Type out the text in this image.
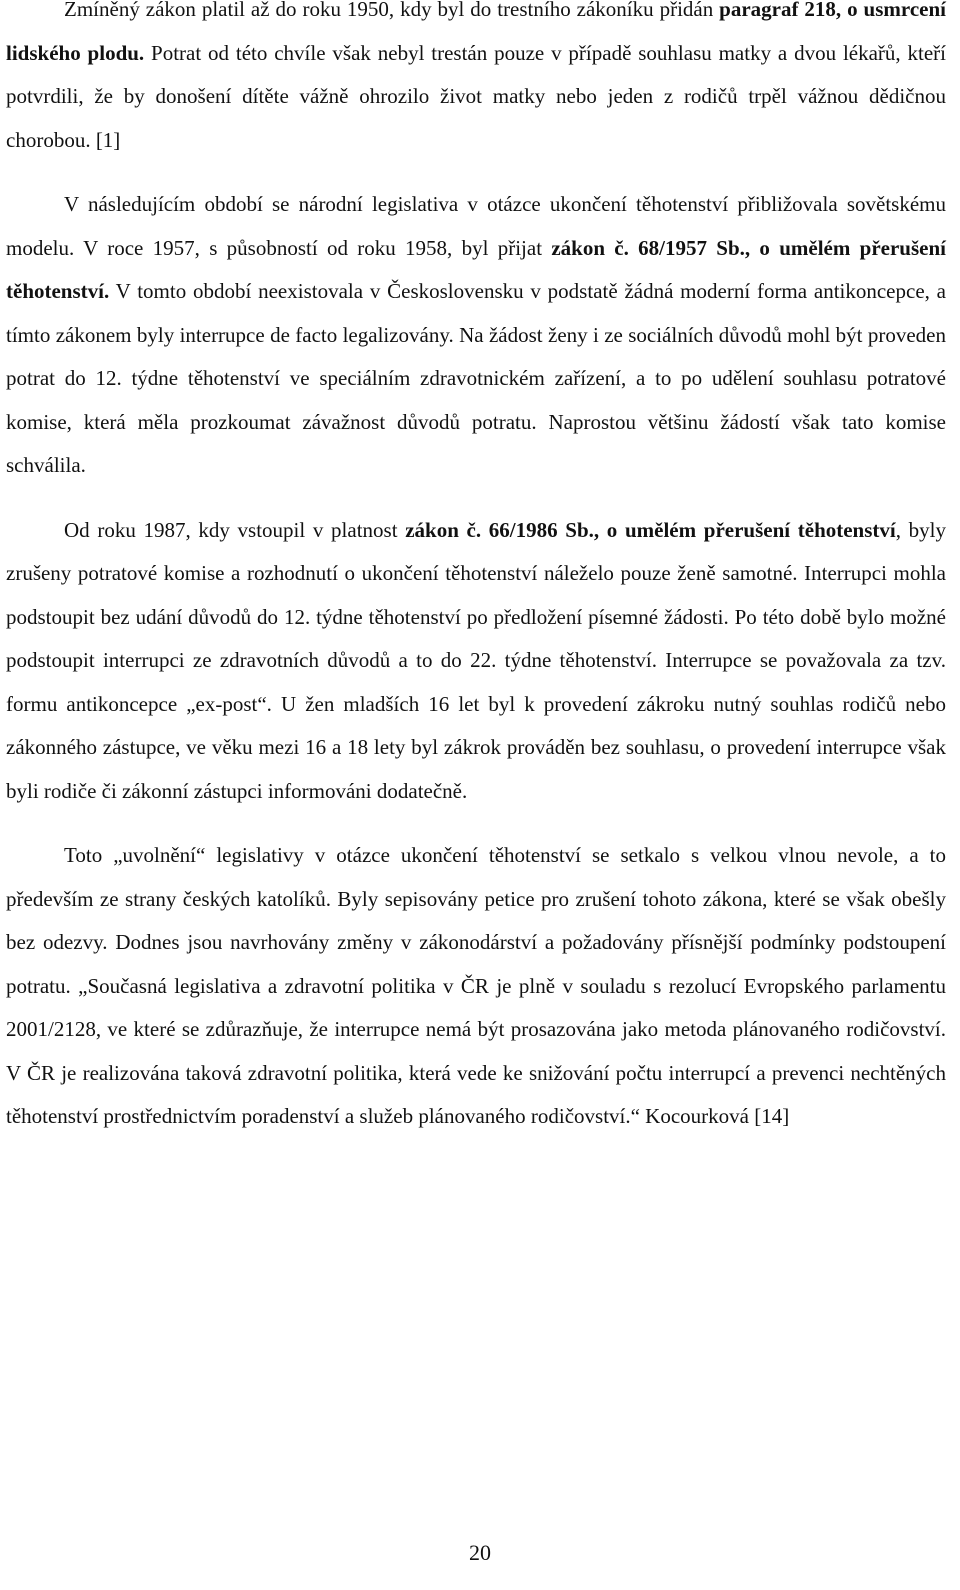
Zmíněný zákon platil až do roku 1950, kdy byl do trestního zákoníku přidán paragraf 218, o usmrcení lidského plodu. Potrat od této chvíle však nebyl trestán pouze v případě souhlasu matky a dvou lékařů, kteří potvrdili, že by donošení dítěte vážně ohrozilo život matky nebo jeden z rodičů trpěl vážnou dědičnou chorobou. [1]

V následujícím období se národní legislativa v otázce ukončení těhotenství přibližovala sovětskému modelu. V roce 1957, s působností od roku 1958, byl přijat zákon č. 68/1957 Sb., o umělém přerušení těhotenství. V tomto období neexistovala v Československu v podstatě žádná moderní forma antikoncepce, a tímto zákonem byly interrupce de facto legalizovány. Na žádost ženy i ze sociálních důvodů mohl být proveden potrat do 12. týdne těhotenství ve speciálním zdravotnickém zařízení, a to po udělení souhlasu potratové komise, která měla prozkoumat závažnost důvodů potratu. Naprostou většinu žádostí však tato komise schválila.

Od roku 1987, kdy vstoupil v platnost zákon č. 66/1986 Sb., o umělém přerušení těhotenství, byly zrušeny potratové komise a rozhodnutí o ukončení těhotenství náleželo pouze ženě samotné. Interrupci mohla podstoupit bez udání důvodů do 12. týdne těhotenství po předložení písemné žádosti. Po této době bylo možné podstoupit interrupci ze zdravotních důvodů a to do 22. týdne těhotenství. Interrupce se považovala za tzv. formu antikoncepce „ex-post“. U žen mladších 16 let byl k provedení zákroku nutný souhlas rodičů nebo zákonného zástupce, ve věku mezi 16 a 18 lety byl zákrok prováděn bez souhlasu, o provedení interrupce však byli rodiče či zákonní zástupci informováni dodatečně.

Toto „uvolnění“ legislativy v otázce ukončení těhotenství se setkalo s velkou vlnou nevole, a to především ze strany českých katolíků. Byly sepisovány petice pro zrušení tohoto zákona, které se však obešly bez odezvy. Dodnes jsou navrhovány změny v zákonodárství a požadovány přísnější podmínky podstoupení potratu. „Současná legislativa a zdravotní politika v ČR je plně v souladu s rezolucí Evropského parlamentu 2001/2128, ve které se zdůrazňuje, že interrupce nemá být prosazována jako metoda plánovaného rodičovství. V ČR je realizována taková zdravotní politika, která vede ke snižování počtu interrupcí a prevenci nechtěných těhotenství prostřednictvím poradenství a služeb plánovaného rodičovství.“ Kocourková [14]

20
